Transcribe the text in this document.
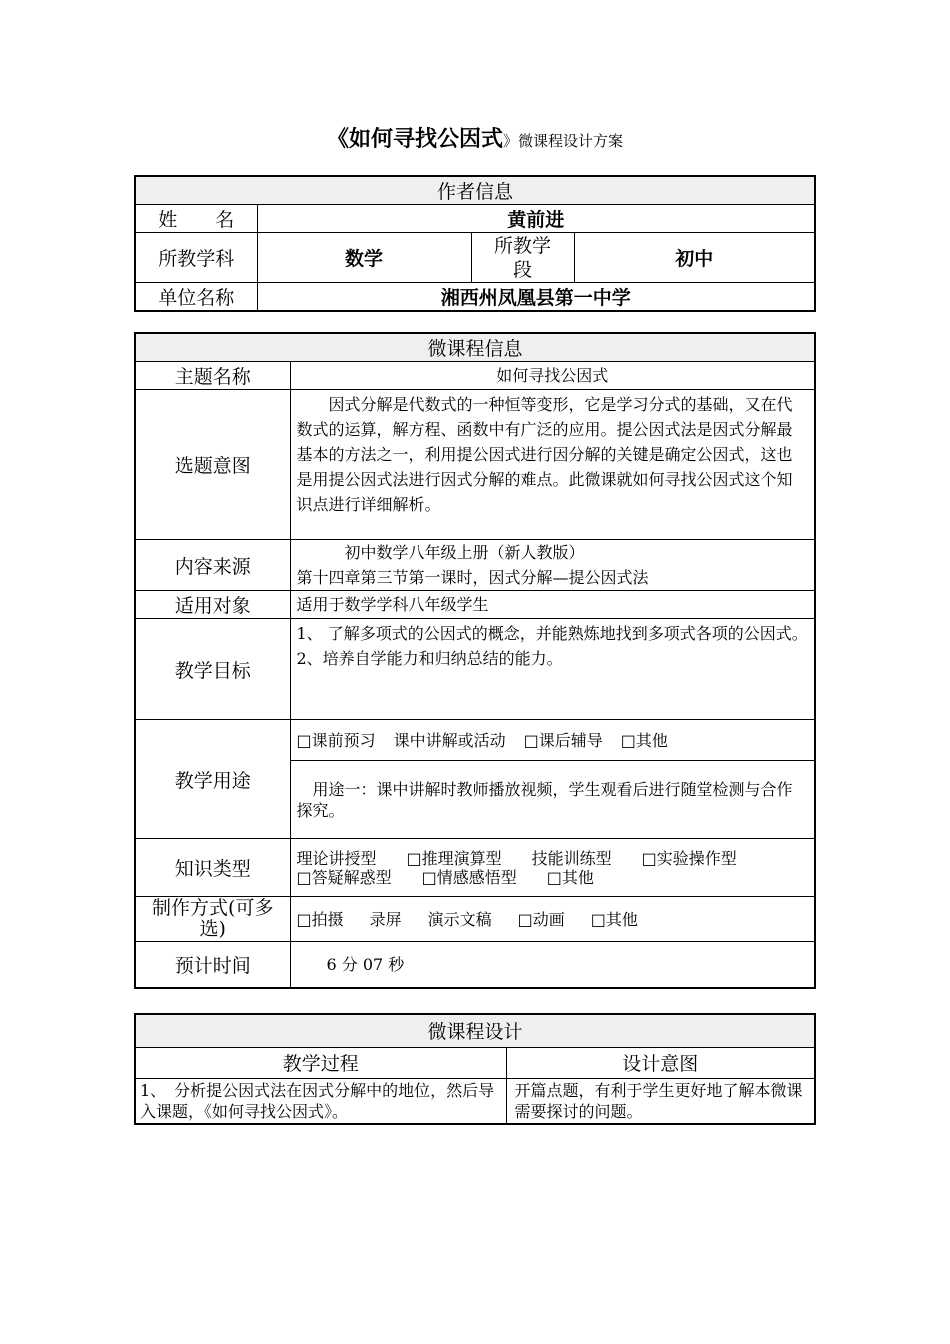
《如何寻找公因式》微课程设计方案
作者信息			
姓　　名	黄前进		
所教学科	数学	所教学段	初中
单位名称	湘西州凤凰县第一中学		
微课程信息	
主题名称	如何寻找公因式
选题意图	因式分解是代数式的一种恒等变形，它是学习分式的基础，又在代数式的运算，解方程、函数中有广泛的应用。提公因式法是因式分解最基本的方法之一，利用提公因式进行因分解的关键是确定公因式，这也是用提公因式法进行因式分解的难点。此微课就如何寻找公因式这个知识点进行详细解析。
内容来源	初中数学八年级上册（新人教版）
第十四章第三节第一课时，因式分解—提公因式法

适用对象	适用于数学学科八年级学生
教学目标	1、 了解多项式的公因式的概念，并能熟炼地找到多项式各项的公因式。
2、培养自学能力和归纳总结的能力。

教学用途	□课前预习 课中讲解或活动 □课后辅导 □其他

	用途一：课中讲解时教师播放视频，学生观看后进行随堂检测与合作探究。

知识类型	理论讲授型 □推理演算型 技能训练型 □实验操作型
□答疑解惑型 □情感感悟型 □其他

制作方式(可多选)	□拍摄 录屏 演示文稿 □动画 □其他
预计时间	6 分 07 秒
微课程设计	
教学过程	设计意图
1、　分析提公因式法在因式分解中的地位，然后导入课题，《如何寻找公因式》。	开篇点题，有利于学生更好地了解本微课需要探讨的问题。
